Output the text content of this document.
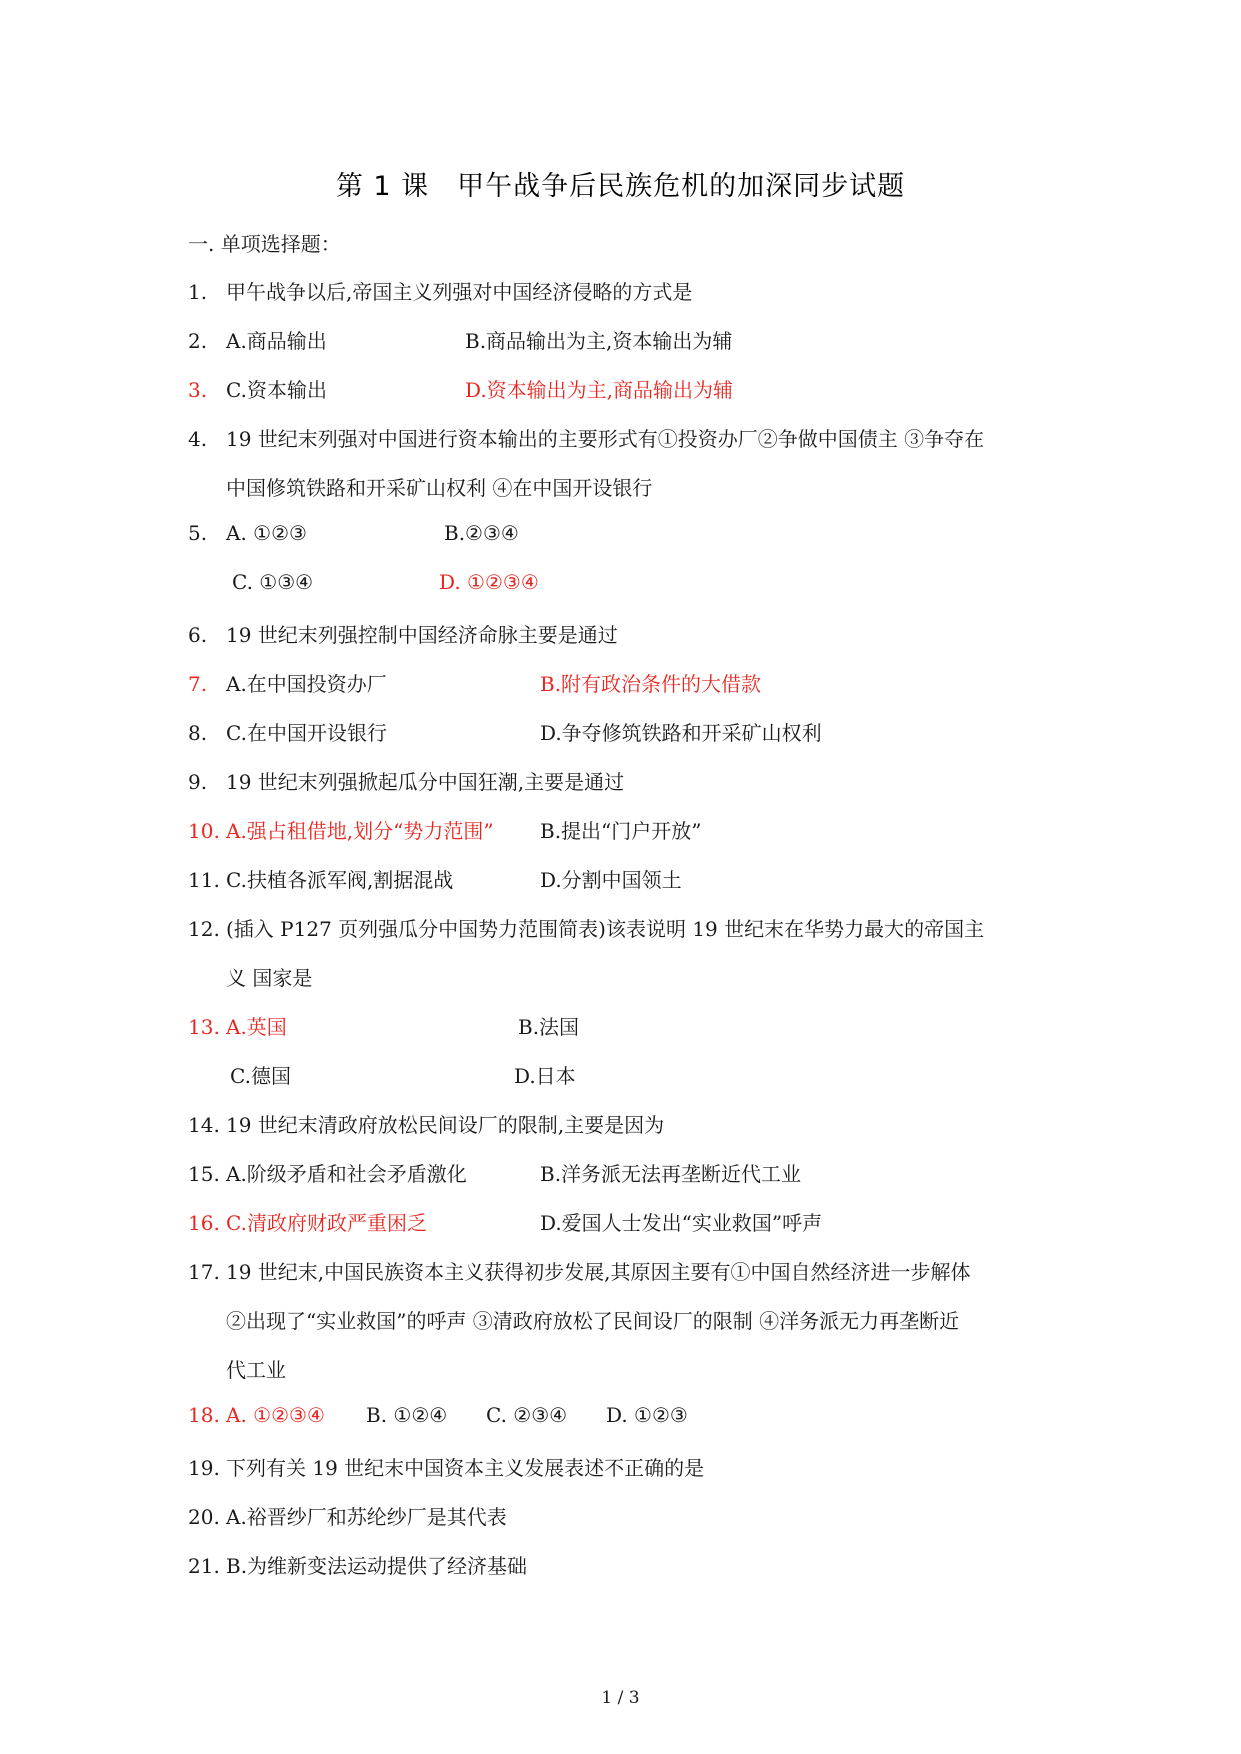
第 1 课　甲午战争后民族危机的加深同步试题
一. 单项选择题：
1. 甲午战争以后,帝国主义列强对中国经济侵略的方式是
2. A.商品输出	B.商品输出为主,资本输出为辅
3. C.资本输出	D.资本输出为主,商品输出为辅
4. 19 世纪末列强对中国进行资本输出的主要形式有①投资办厂②争做中国债主 ③争夺在
中国修筑铁路和开采矿山权利 ④在中国开设银行
5. A. ①②③	B.②③④
C. ①③④	D. ①②③④
6. 19 世纪末列强控制中国经济命脉主要是通过
7. A.在中国投资办厂	B.附有政治条件的大借款
8. C.在中国开设银行	D.争夺修筑铁路和开采矿山权利
9. 19 世纪末列强掀起瓜分中国狂潮,主要是通过
10. A.强占租借地,划分“势力范围” B.提出“门户开放”
11. C.扶植各派军阀,割据混战	D.分割中国领土
12. (插入 P127 页列强瓜分中国势力范围简表)该表说明 19 世纪末在华势力最大的帝国主
义 国家是
13. A.英国	B.法国
C.德国	D.日本
14. 19 世纪末清政府放松民间设厂的限制,主要是因为
15. A.阶级矛盾和社会矛盾激化	B.洋务派无法再垄断近代工业
16. C.清政府财政严重困乏	D.爱国人士发出“实业救国”呼声
17. 19 世纪末,中国民族资本主义获得初步发展,其原因主要有①中国自然经济进一步解体
②出现了“实业救国”的呼声 ③清政府放松了民间设厂的限制 ④洋务派无力再垄断近
代工业
18. A. ①②③④ B. ①②④ C. ②③④ D. ①②③
19. 下列有关 19 世纪末中国资本主义发展表述不正确的是
20. A.裕晋纱厂和苏纶纱厂是其代表
21. B.为维新变法运动提供了经济基础
1 / 3
